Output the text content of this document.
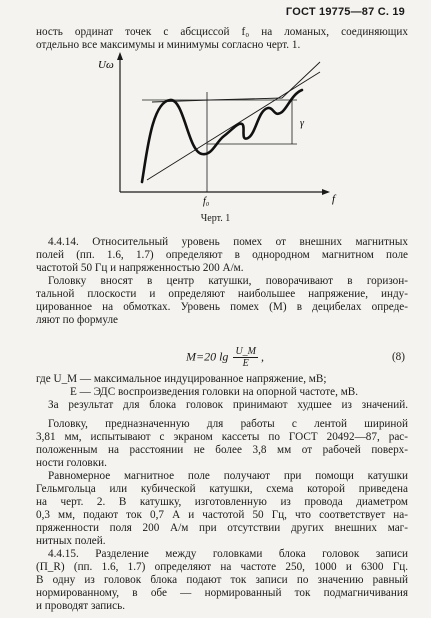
ГОСТ 19775—87 С. 19
ность ординат точек с абсциссой f₀ на ломаных, соединяющих
отдельно все максимумы и минимумы согласно черт. 1.
Uω
f
f₀
γ
Черт. 1
4.4.14. Относительный уровень помех от внешних магнитных
полей (пп. 1.6, 1.7) определяют в однородном магнитном поле
частотой 50 Гц и напряженностью 200 А/м.
Головку вносят в центр катушки, поворачивают в горизон-
тальной плоскости и определяют наибольшее напряжение, инду-
цированное на обмотках. Уровень помех (M) в децибелах опреде-
ляют по формуле
M=20 $\lg \frac{U\_M}{E}$ ,	(8)
где U_M — максимальное индуцированное напряжение, мВ;
E — ЭДС воспроизведения головки на опорной частоте, мВ.
За результат для блока головок принимают худшее из значений.
Головку, предназначенную для работы с лентой шириной
3,81 мм, испытывают с экраном кассеты по ГОСТ 20492—87, рас-
положенным на расстоянии не более 3,8 мм от рабочей поверх-
ности головки.
Равномерное магнитное поле получают при помощи катушки
Гельмгольца или кубической катушки, схема которой приведена
на черт. 2. В катушку, изготовленную из провода диаметром
0,3 мм, подают ток 0,7 А и частотой 50 Гц, что соответствует на-
пряженности поля 200 А/м при отсутствии других внешних маг-
нитных полей.
4.4.15. Разделение между головками блока головок записи
(Π_R) (пп. 1.6, 1.7) определяют на частоте 250, 1000 и 6300 Гц.
В одну из головок блока подают ток записи по значению равный
нормированному, в обе — нормированный ток подмагничивания
и проводят запись.
